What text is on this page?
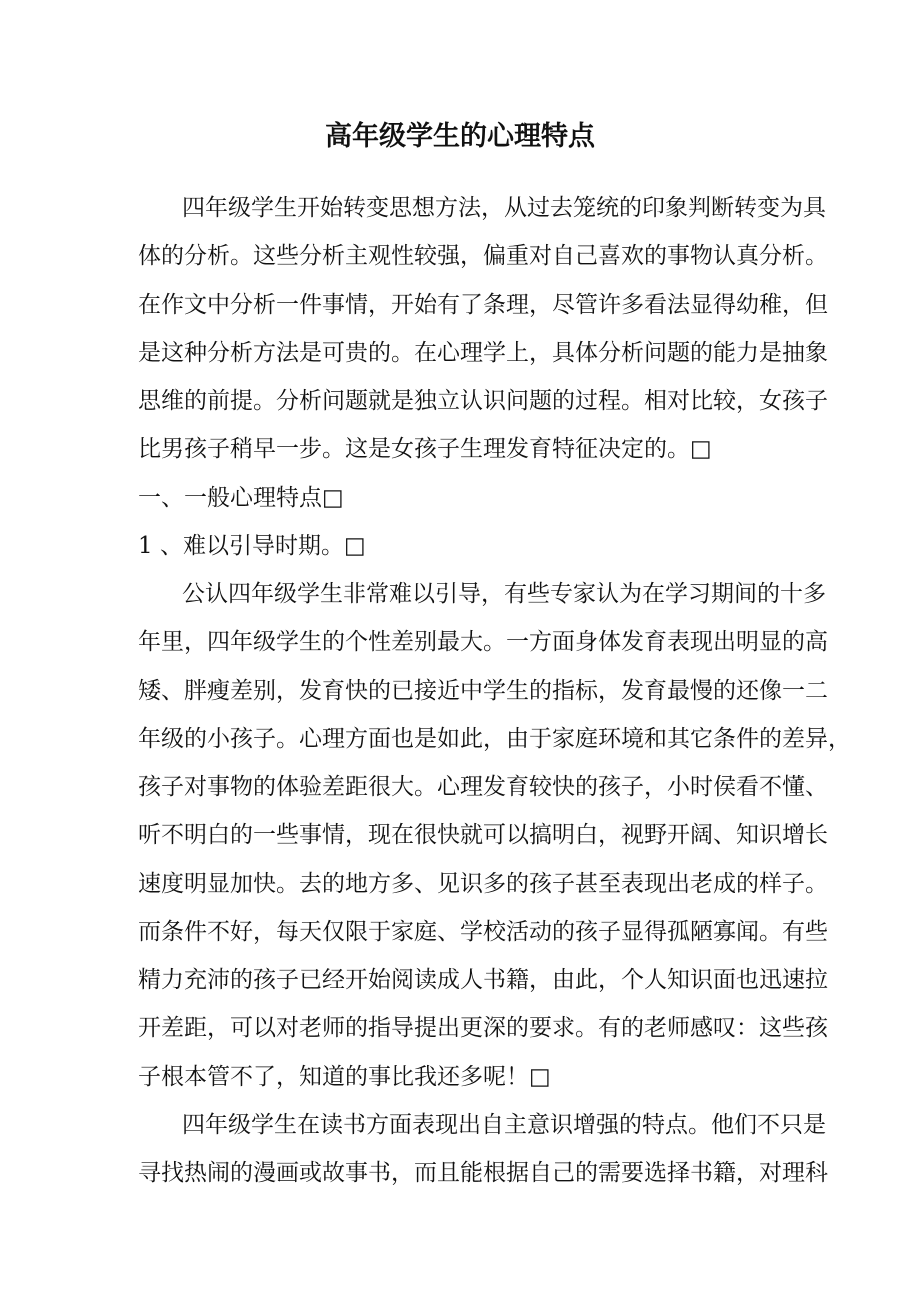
高年级学生的心理特点
四年级学生开始转变思想方法，从过去笼统的印象判断转变为具
体的分析。这些分析主观性较强，偏重对自己喜欢的事物认真分析。
在作文中分析一件事情，开始有了条理，尽管许多看法显得幼稚，但
是这种分析方法是可贵的。在心理学上，具体分析问题的能力是抽象
思维的前提。分析问题就是独立认识问题的过程。相对比较，女孩子
比男孩子稍早一步。这是女孩子生理发育特征决定的。□
一、一般心理特点□
1 、难以引导时期。□
公认四年级学生非常难以引导，有些专家认为在学习期间的十多
年里，四年级学生的个性差别最大。一方面身体发育表现出明显的高
矮、胖瘦差别，发育快的已接近中学生的指标，发育最慢的还像一二
年级的小孩子。心理方面也是如此，由于家庭环境和其它条件的差异，
孩子对事物的体验差距很大。心理发育较快的孩子，小时侯看不懂、
听不明白的一些事情，现在很快就可以搞明白，视野开阔、知识增长
速度明显加快。去的地方多、见识多的孩子甚至表现出老成的样子。
而条件不好，每天仅限于家庭、学校活动的孩子显得孤陋寡闻。有些
精力充沛的孩子已经开始阅读成人书籍，由此，个人知识面也迅速拉
开差距，可以对老师的指导提出更深的要求。有的老师感叹：这些孩
子根本管不了，知道的事比我还多呢！□
四年级学生在读书方面表现出自主意识增强的特点。他们不只是
寻找热闹的漫画或故事书，而且能根据自己的需要选择书籍，对理科
